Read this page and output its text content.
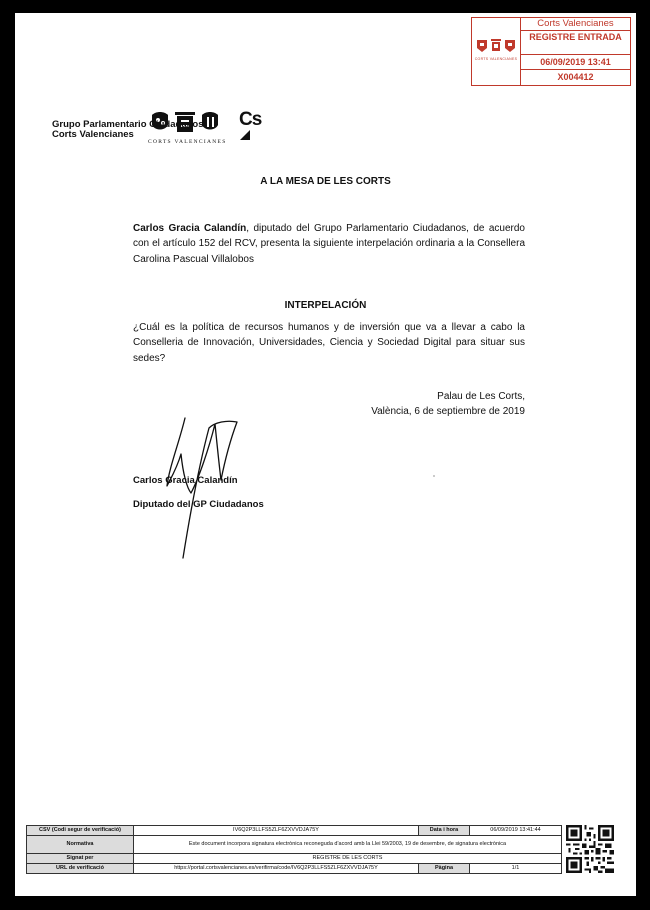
CORTS VALENCIANES
Corts Valencianes
REGISTRE ENTRADA
06/09/2019 13:41
X004412
CORTS VALENCIANES
Cs
Grupo Parlamentario Ciudadanos
Corts Valencianes
A LA MESA DE LES CORTS
Carlos Gracia Calandín, diputado del Grupo Parlamentario Ciudadanos, de acuerdo con el artículo 152 del RCV, presenta la siguiente interpelación ordinaria a la Consellera Carolina Pascual Villalobos
INTERPELACIÓN
¿Cuál es la política de recursos humanos y de inversión que va a llevar a cabo la Conselleria de Innovación, Universidades, Ciencia y Sociedad Digital para situar sus sedes?
Palau de Les Corts,
València, 6 de septiembre de 2019
Carlos Gracia Calandín
Diputado del GP Ciudadanos
CSV (Codi segur de verificació)	IV6Q2P3LLFS5ZLF6ZXVVDJA75Y	Data i hora	06/09/2019 13:41:44
Normativa	Este document incorpora signatura electrònica reconeguda d'acord amb la Llei 59/2003, 19 de desembre, de signatura electrònica		
Signat per	REGISTRE DE LES CORTS		
URL de verificació	https://portal.cortsvalencianes.es/verifirma/code/IV6Q2P3LLFS5ZLF6ZXVVDJA75Y	Pàgina	1/1
